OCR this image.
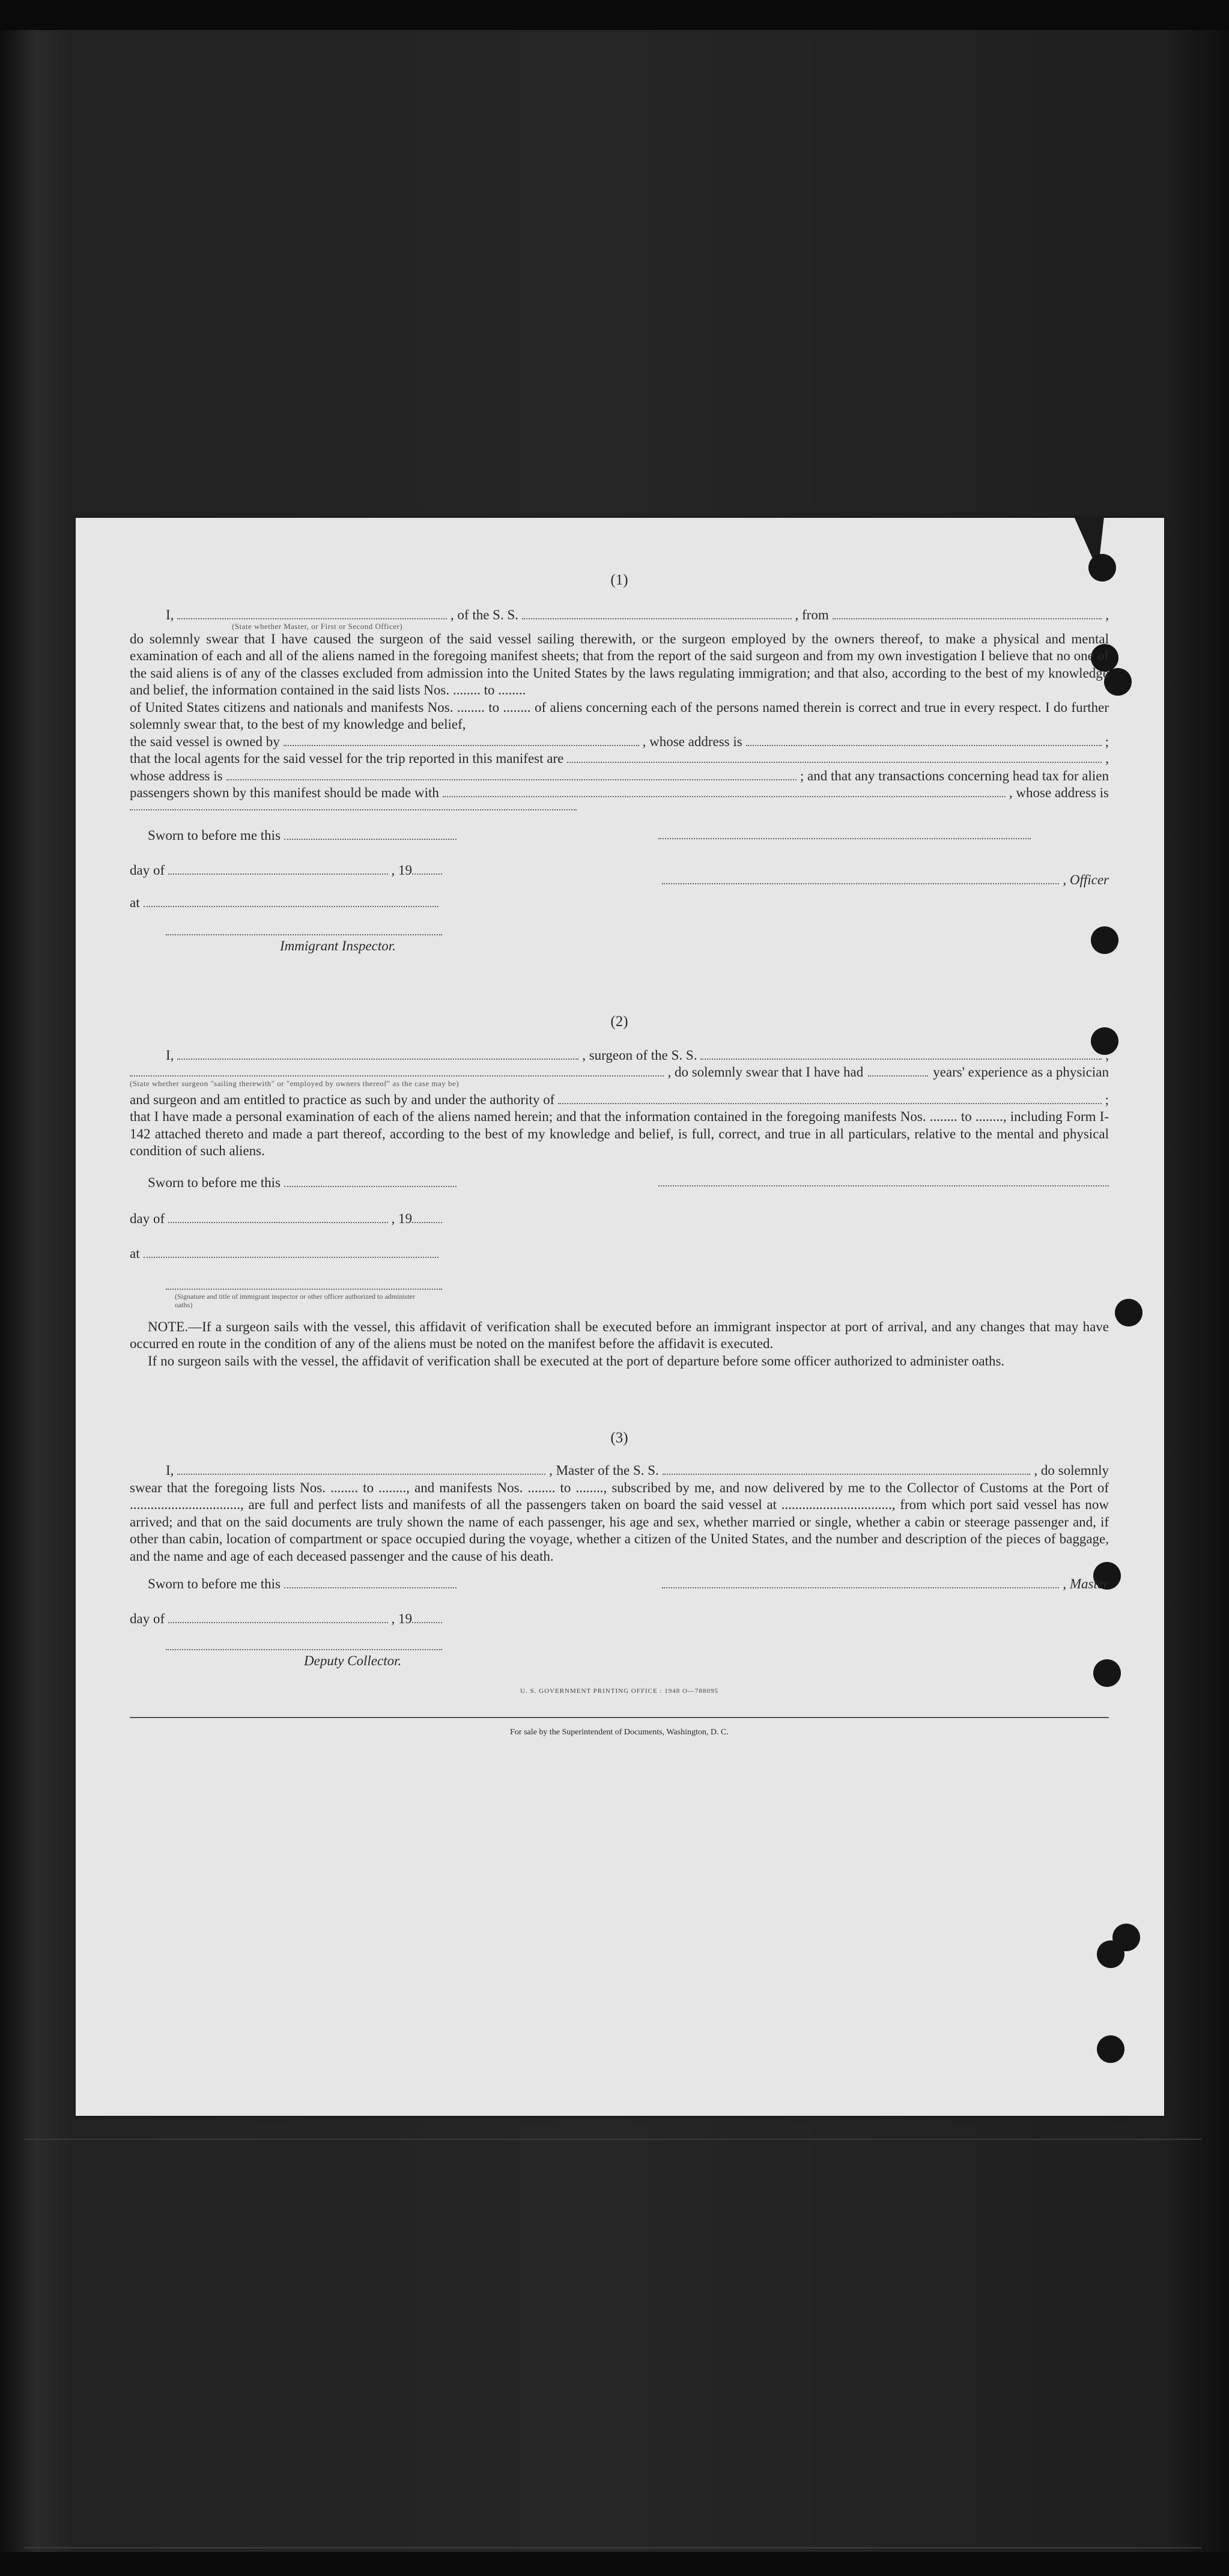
(1)

I,	, of the S. S.	, from	,
(State whether Master, or First or Second Officer)

do solemnly swear that I have caused the surgeon of the said vessel sailing therewith, or the surgeon employed by the owners thereof, to make a physical and mental examination of each and all of the aliens named in the foregoing manifest sheets; that from the report of the said surgeon and from my own investigation I believe that no one of the said aliens is of any of the classes excluded from admission into the United States by the laws regulating immigration; and that also, according to the best of my knowledge and belief, the information contained in the said lists Nos. ........ to ........

of United States citizens and nationals and manifests Nos. ........ to ........ of aliens concerning each of the persons named therein is correct and true in every respect. I do further solemnly swear that, to the best of my knowledge and belief,

the said vessel is owned by	, whose address is	;
that the local agents for the said vessel for the trip reported in this manifest are	,
whose address is	; and that any transactions concerning head tax for alien
passengers shown by this manifest should be made with	, whose address is
Sworn to before me this
day of	, 19
at
Immigrant Inspector.
, Officer

(2)

I,	, surgeon of the S. S.	,
, do solemnly swear that I have had	years' experience as a physician
(State whether surgeon "sailing therewith" or "employed by owners thereof" as the case may be)
and surgeon and am entitled to practice as such by and under the authority of	;

that I have made a personal examination of each of the aliens named herein; and that the information contained in the foregoing manifests Nos. ........ to ........, including Form I-142 attached thereto and made a part thereof, according to the best of my knowledge and belief, is full, correct, and true in all particulars, relative to the mental and physical condition of such aliens.

Sworn to before me this
day of	, 19
at
(Signature and title of immigrant inspector or other officer authorized to administer oaths)

NOTE.—If a surgeon sails with the vessel, this affidavit of verification shall be executed before an immigrant inspector at port of arrival, and any changes that may have occurred en route in the condition of any of the aliens must be noted on the manifest before the affidavit is executed.

If no surgeon sails with the vessel, the affidavit of verification shall be executed at the port of departure before some officer authorized to administer oaths.

(3)

I,	, Master of the S. S.	, do solemnly

swear that the foregoing lists Nos. ........ to ........, and manifests Nos. ........ to ........, subscribed by me, and now delivered by me to the Collector of Customs at the Port of ................................, are full and perfect lists and manifests of all the passengers taken on board the said vessel at ................................, from which port said vessel has now arrived; and that on the said documents are truly shown the name of each passenger, his age and sex, whether married or single, whether a cabin or steerage passenger and, if other than cabin, location of compartment or space occupied during the voyage, whether a citizen of the United States, and the number and description of the pieces of baggage, and the name and age of each deceased passenger and the cause of his death.

Sworn to before me this	, Master
day of	, 19
Deputy Collector.
U. S. GOVERNMENT PRINTING OFFICE : 1948 O—788095
For sale by the Superintendent of Documents, Washington, D. C.
